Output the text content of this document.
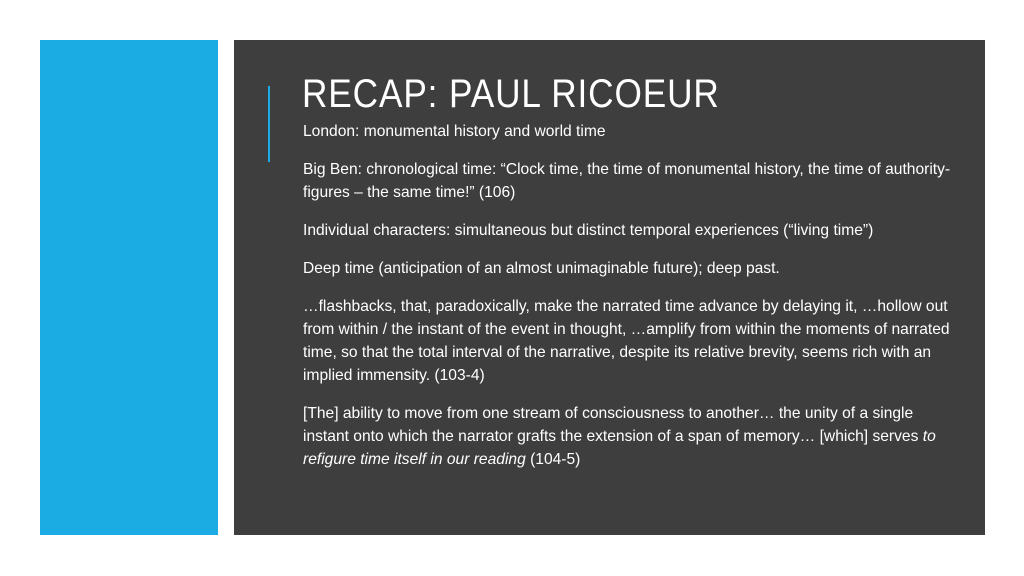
RECAP: PAUL RICOEUR
London: monumental history and world time
Big Ben: chronological time: “Clock time, the time of monumental history, the time of authority-figures – the same time!” (106)
Individual characters: simultaneous but distinct temporal experiences (“living time”)
Deep time (anticipation of an almost unimaginable future); deep past.
…flashbacks, that, paradoxically, make the narrated time advance by delaying it, …hollow out from within / the instant of the event in thought, …amplify from within the moments of narrated time, so that the total interval of the narrative, despite its relative brevity, seems rich with an implied immensity. (103-4)
[The] ability to move from one stream of consciousness to another… the unity of a single instant onto which the narrator grafts the extension of a span of memory… [which] serves to refigure time itself in our reading (104-5)
